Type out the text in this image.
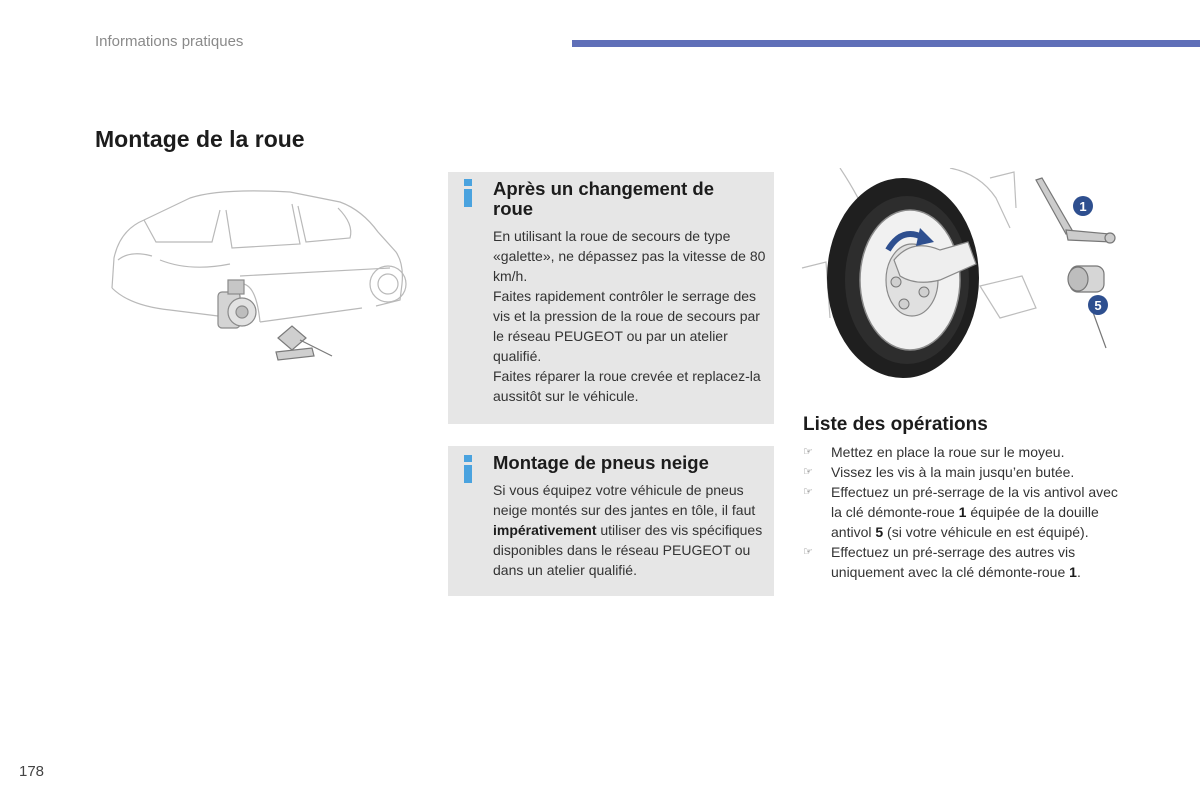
Informations pratiques
Montage de la roue
1
5
Après un changement de roue

En utilisant la roue de secours de type «galette», ne dépassez pas la vitesse de 80 km/h.

Faites rapidement contrôler le serrage des vis et la pression de la roue de secours par le réseau PEUGEOT ou par un atelier qualifié.

Faites réparer la roue crevée et replacez-la aussitôt sur le véhicule.

Montage de pneus neige

Si vous équipez votre véhicule de pneus neige montés sur des jantes en tôle, il faut impérativement utiliser des vis spécifiques disponibles dans le réseau PEUGEOT ou dans un atelier qualifié.

Liste des opérations
☞ Mettez en place la roue sur le moyeu.
☞ Vissez les vis à la main jusqu’en butée.
☞ Effectuez un pré-serrage de la vis antivol avec la clé démonte-roue 1 équipée de la douille antivol 5 (si votre véhicule en est équipé).
☞ Effectuez un pré-serrage des autres vis uniquement avec la clé démonte-roue 1.
178
